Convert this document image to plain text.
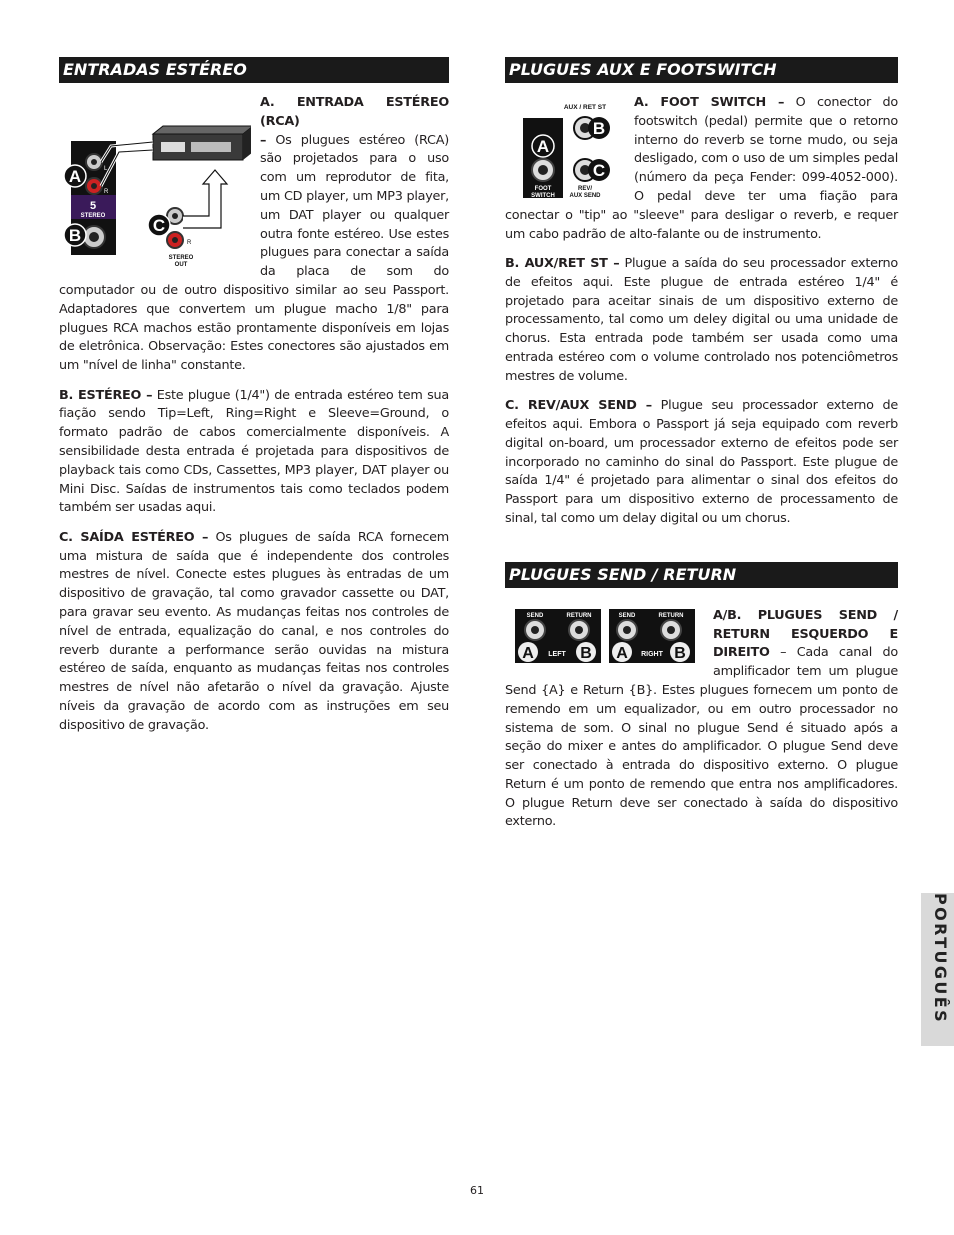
ENTRADAS ESTÉREO
5
STEREO
L
R
R
STEREO
OUT
A
B
C

A. ENTRADA ESTÉREO (RCA)
– Os plugues estéreo (RCA) são projetados para o uso com um reprodutor de fita, um CD player, um MP3 player, um DAT player ou qualquer outra fonte estéreo. Use estes plugues para conectar a saída da placa de som do computador ou de outro dispositivo similar ao seu Passport. Adaptadores que convertem um plugue macho 1/8" para plugues RCA machos estão prontamente disponíveis em lojas de eletrônica. Observação: Estes conectores são ajustados em um "nível de linha" constante.

B. ESTÉREO – Este plugue (1/4") de entrada estéreo tem sua fiação sendo Tip=Left, Ring=Right e Sleeve=Ground, o formato padrão de cabos comercialmente disponíveis. A sensibilidade desta entrada é projetada para dispositivos de playback tais como CDs, Cassettes, MP3 player, DAT player ou Mini Disc. Saídas de instrumentos tais como teclados podem também ser usadas aqui.

C. SAÍDA ESTÉREO – Os plugues de saída RCA fornecem uma mistura de saída que é independente dos controles mestres de nível. Conecte estes plugues às entradas de um dispositivo de gravação, tal como gravador cassette ou DAT, para gravar seu evento. As mudanças feitas nos controles de nível de entrada, equalização do canal, e nos controles do reverb durante a performance serão ouvidas na mistura estéreo de saída, enquanto as mudanças feitas nos controles mestres de nível não afetarão o nível da gravação. Ajuste níveis da gravação de acordo com as instruções em seu dispositivo de gravação.

PLUGUES AUX E FOOTSWITCH
AUX / RET ST
B
A
FOOT
SWITCH
C
REV/
AUX SEND

A. FOOT SWITCH – O conector do footswitch (pedal) permite que o retorno interno do reverb se torne mudo, ou seja desligado, com o uso de um simples pedal (número da peça Fender: 099-4052-000). O pedal deve ter uma fiação para conectar o "tip" ao "sleeve" para desligar o reverb, e requer um cabo padrão de alto-falante ou de instrumento.

B. AUX/RET ST – Plugue a saída do seu processador externo de efeitos aqui. Este plugue de entrada estéreo 1/4" é projetado para aceitar sinais de um dispositivo externo de processamento, tal como um deley digital ou uma unidade de chorus. Esta entrada pode também ser usada como uma entrada estéreo com o volume controlado nos potenciômetros mestres de volume.

C. REV/AUX SEND – Plugue seu processador externo de efeitos aqui. Embora o Passport já seja equipado com reverb digital on-board, um processador externo de efeitos pode ser incorporado no caminho do sinal do Passport. Este plugue de saída 1/4" é projetado para alimentar o sinal dos efeitos do Passport para um dispositivo externo de processamento de sinal, tal como um delay digital ou um chorus.

PLUGUES SEND / RETURN
SEND	RETURN	SEND	RETURN
A LEFT B A RIGHT B

A/B. PLUGUES SEND / RETURN ESQUERDO E DIREITO – Cada canal do amplificador tem um plugue Send {A} e Return {B}. Estes plugues fornecem um ponto de remendo em um equalizador, ou em outro processador no sistema de som. O sinal no plugue Send é situado após a seção do mixer e antes do amplificador. O plugue Send deve ser conectado à entrada do dispositivo externo. O plugue Return é um ponto de remendo que entra nos amplificadores. O plugue Return deve ser conectado à saída do dispositivo externo.

PORTUGUÊS
61
